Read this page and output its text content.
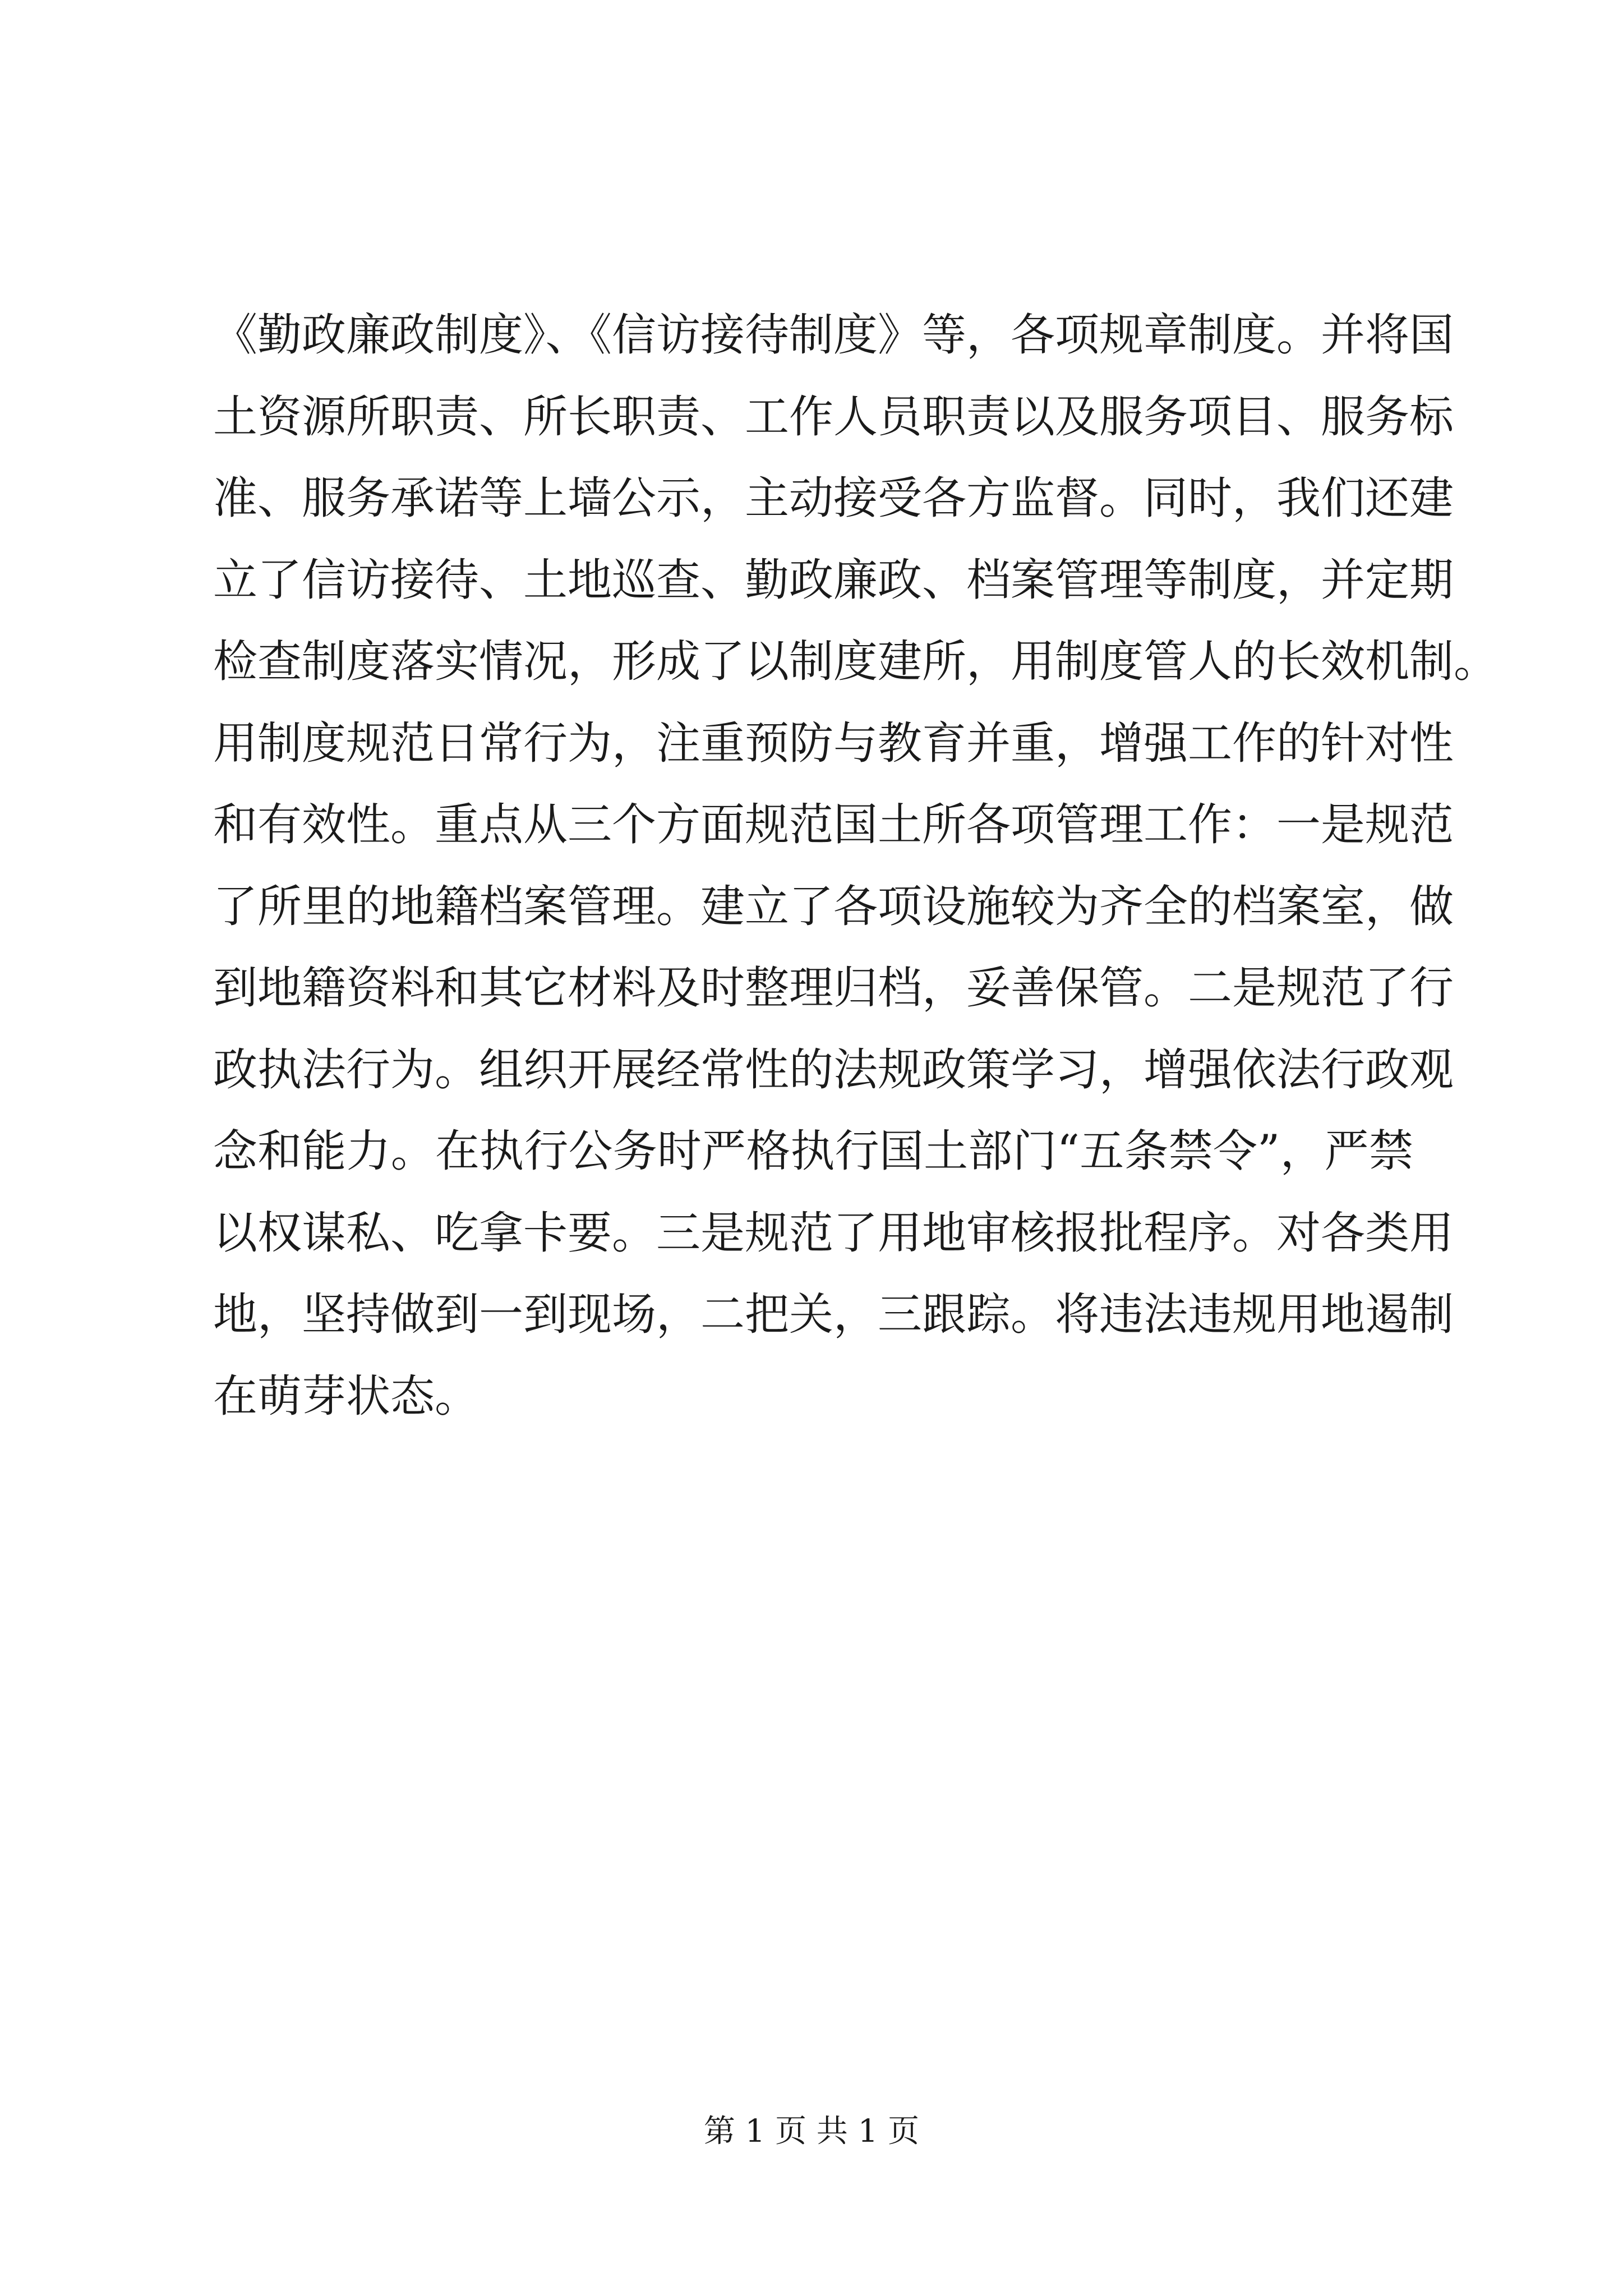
《勤政廉政制度》、《信访接待制度》等，各项规章制度。并将国
土资源所职责、所长职责、工作人员职责以及服务项目、服务标
准、服务承诺等上墙公示，主动接受各方监督。同时，我们还建
立了信访接待、土地巡查、勤政廉政、档案管理等制度，并定期
检查制度落实情况，形成了以制度建所，用制度管人的长效机制。
用制度规范日常行为，注重预防与教育并重，增强工作的针对性
和有效性。重点从三个方面规范国土所各项管理工作：一是规范
了所里的地籍档案管理。建立了各项设施较为齐全的档案室，做
到地籍资料和其它材料及时整理归档，妥善保管。二是规范了行
政执法行为。组织开展经常性的法规政策学习，增强依法行政观
念和能力。在执行公务时严格执行国土部门“五条禁令”，严禁
以权谋私、吃拿卡要。三是规范了用地审核报批程序。对各类用
地，坚持做到一到现场，二把关，三跟踪。将违法违规用地遏制
在萌芽状态。
第 1 页 共 1 页
